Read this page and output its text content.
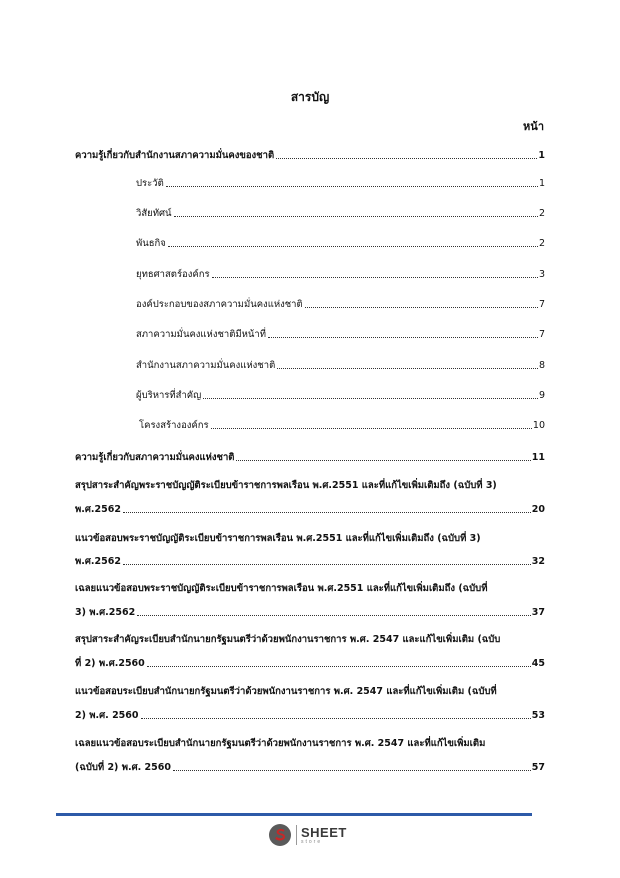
สารบัญ
หน้า
ความรู้เกี่ยวกับสำนักงานสภาความมั่นคงของชาติ	1
ประวัติ	1
วิสัยทัศน์	2
พันธกิจ	2
ยุทธศาสตร์องค์กร	3
องค์ประกอบของสภาความมั่นคงแห่งชาติ	7
สภาความมั่นคงแห่งชาติมีหน้าที่	7
สำนักงานสภาความมั่นคงแห่งชาติ	8
ผู้บริหารที่สำคัญ	9
โครงสร้างองค์กร	10
ความรู้เกี่ยวกับสภาความมั่นคงแห่งชาติ	11
สรุปสาระสำคัญพระราชบัญญัติระเบียบข้าราชการพลเรือน พ.ศ.2551 และที่แก้ไขเพิ่มเติมถึง (ฉบับที่ 3)
พ.ศ.2562	20
แนวข้อสอบพระราชบัญญัติระเบียบข้าราชการพลเรือน พ.ศ.2551 และที่แก้ไขเพิ่มเติมถึง (ฉบับที่ 3)
พ.ศ.2562	32
เฉลยแนวข้อสอบพระราชบัญญัติระเบียบข้าราชการพลเรือน พ.ศ.2551 และที่แก้ไขเพิ่มเติมถึง (ฉบับที่
3) พ.ศ.2562	37
สรุปสาระสำคัญระเบียบสำนักนายกรัฐมนตรีว่าด้วยพนักงานราชการ พ.ศ. 2547 และแก้ไขเพิ่มเติม (ฉบับ
ที่ 2) พ.ศ.2560	45
แนวข้อสอบระเบียบสำนักนายกรัฐมนตรีว่าด้วยพนักงานราชการ พ.ศ. 2547 และที่แก้ไขเพิ่มเติม (ฉบับที่
2) พ.ศ. 2560	53
เฉลยแนวข้อสอบระเบียบสำนักนายกรัฐมนตรีว่าด้วยพนักงานราชการ พ.ศ. 2547 และที่แก้ไขเพิ่มเติม
(ฉบับที่ 2) พ.ศ. 2560	57
SHEET
store
